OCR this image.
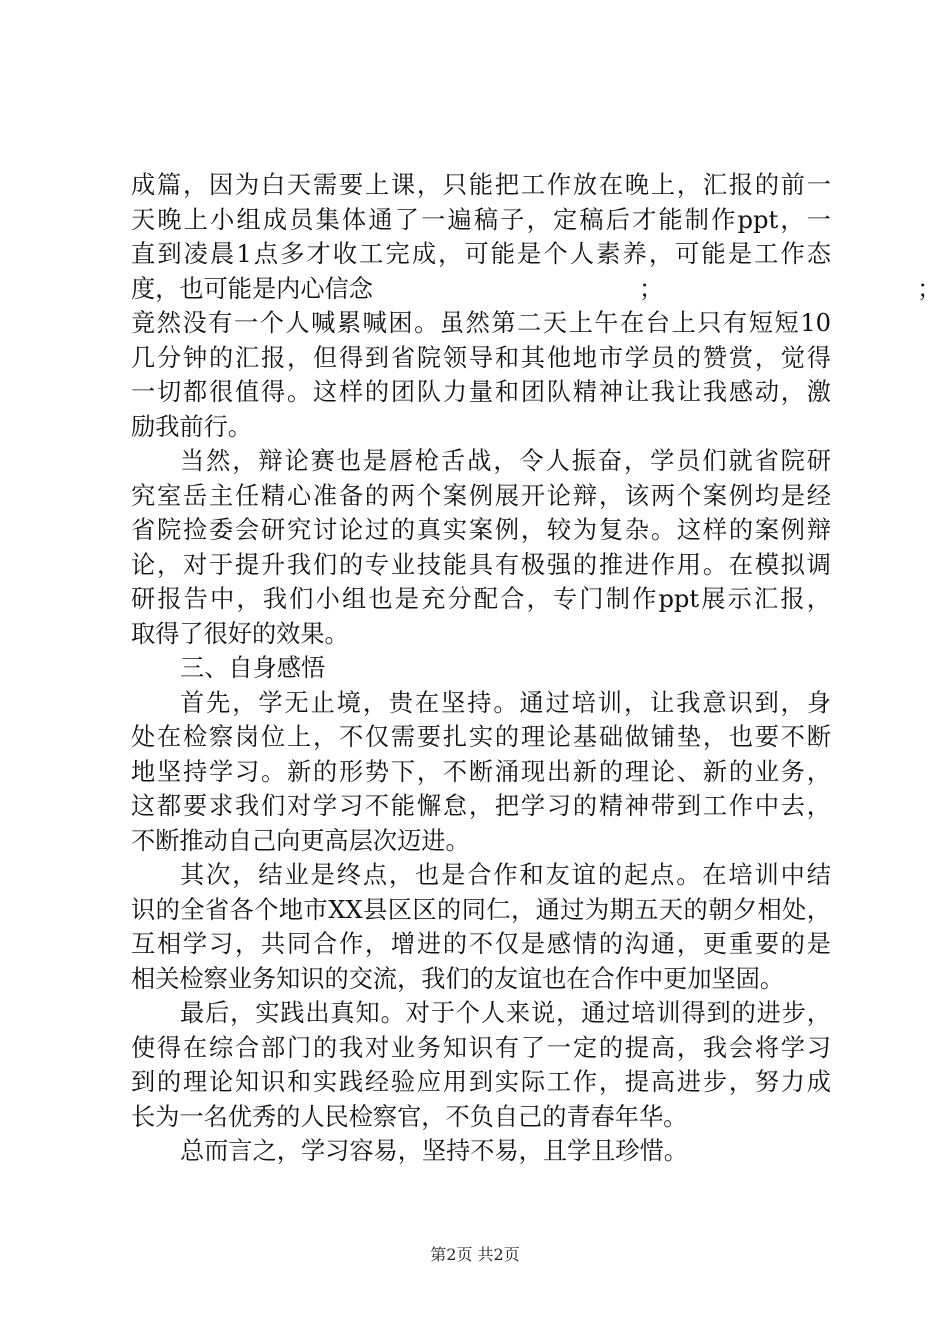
成篇，因为白天需要上课，只能把工作放在晚上，汇报的前一
天晚上小组成员集体通了一遍稿子，定稿后才能制作ppt，一
直到凌晨1点多才收工完成，可能是个人素养，可能是工作态
度，也可能是内心信念　　　　　　　　　　　；　　　　　　　　　　　；
竟然没有一个人喊累喊困。虽然第二天上午在台上只有短短10
几分钟的汇报，但得到省院领导和其他地市学员的赞赏，觉得
一切都很值得。这样的团队力量和团队精神让我让我感动，激
励我前行。
当然，辩论赛也是唇枪舌战，令人振奋，学员们就省院研
究室岳主任精心准备的两个案例展开论辩，该两个案例均是经
省院捡委会研究讨论过的真实案例，较为复杂。这样的案例辩
论，对于提升我们的专业技能具有极强的推进作用。在模拟调
研报告中，我们小组也是充分配合，专门制作ppt展示汇报，
取得了很好的效果。
三、自身感悟
首先，学无止境，贵在坚持。通过培训，让我意识到，身
处在检察岗位上，不仅需要扎实的理论基础做铺垫，也要不断
地坚持学习。新的形势下，不断涌现出新的理论、新的业务，
这都要求我们对学习不能懈怠，把学习的精神带到工作中去，
不断推动自己向更高层次迈进。
其次，结业是终点，也是合作和友谊的起点。在培训中结
识的全省各个地市XX县区区的同仁，通过为期五天的朝夕相处，
互相学习，共同合作，增进的不仅是感情的沟通，更重要的是
相关检察业务知识的交流，我们的友谊也在合作中更加坚固。
最后，实践出真知。对于个人来说，通过培训得到的进步，
使得在综合部门的我对业务知识有了一定的提高，我会将学习
到的理论知识和实践经验应用到实际工作，提高进步，努力成
长为一名优秀的人民检察官，不负自己的青春年华。
总而言之，学习容易，坚持不易，且学且珍惜。
第2页 共2页
